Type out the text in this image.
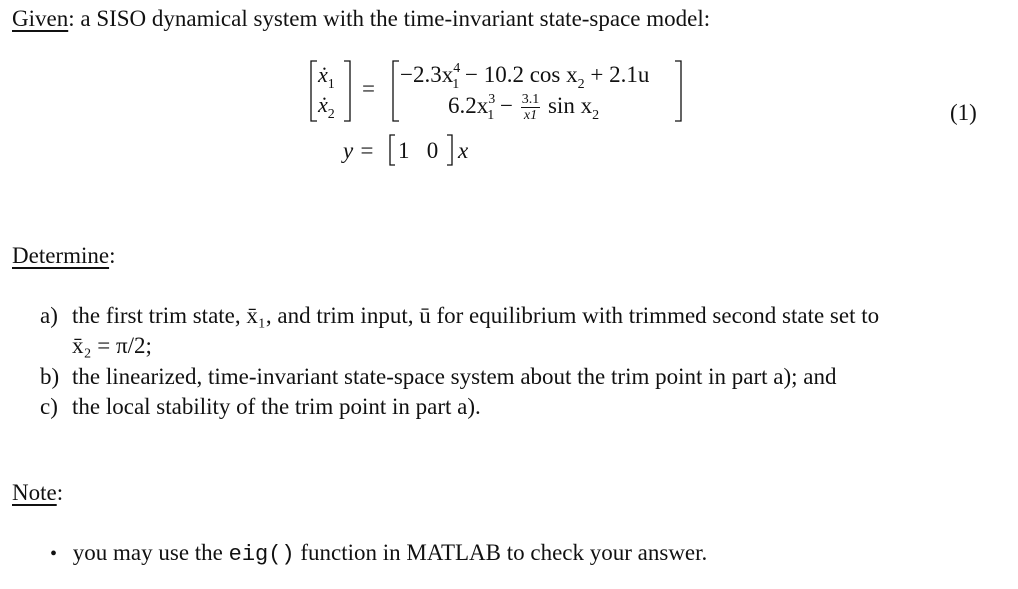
Given: a SISO dynamical system with the time-invariant state-space model:
ẋ$_1$
ẋ$_2$
=
$-2.3x^4_1 - 10.2$ $\cos x_2 + 2.1u$
$6.2x^3_1 - \frac{3.1}{x1}$ $\sin x_2$	(1)
y = 1   0 x⃗
Determine:
a) the first trim state, x̄₁, and trim input, ū for equilibrium with trimmed second state set to
x̄₂ = π/2;
b) the linearized, time-invariant state-space system about the trim point in part a); and
c) the local stability of the trim point in part a).
Note:
• you may use the eig() function in MATLAB to check your answer.
